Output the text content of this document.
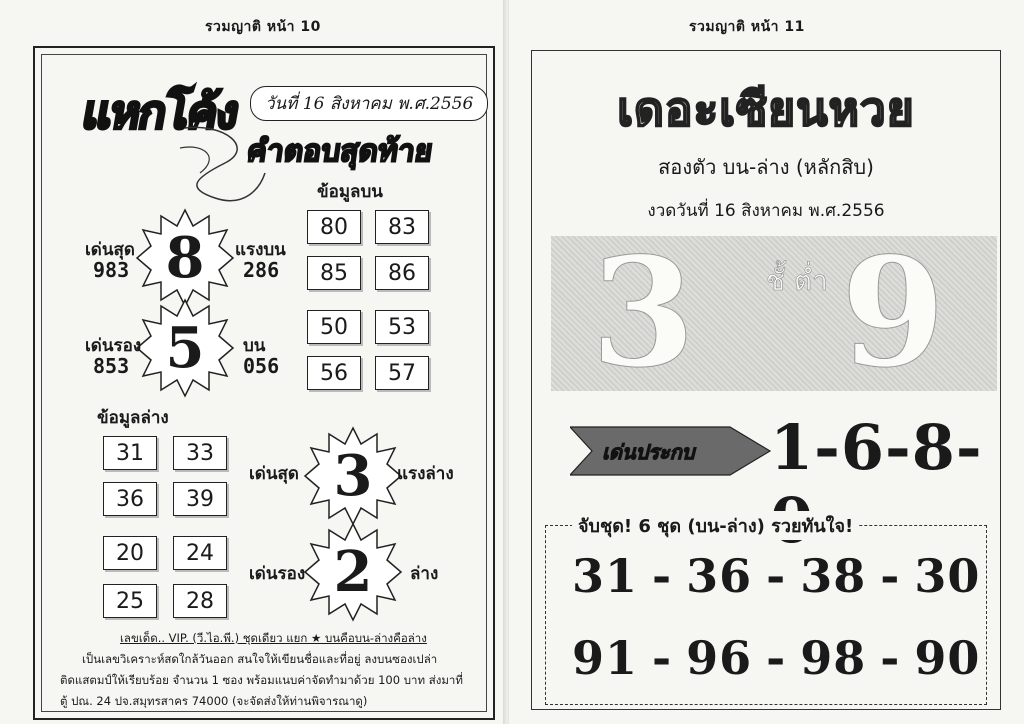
รวมญาติ หน้า 10
แหกโค้ง	วันที่ 16 สิงหาคม พ.ศ.2556
คำตอบสุดท้าย
ข้อมูลบน
8
เด่นสุด
983
แรงบน
286
5
เด่นรอง
853
บน
056
80	83
85	86
50	53
56	57
ข้อมูลล่าง
31	33
36	39
20	24
25	28
3
เด่นสุด	แรงล่าง
2
เด่นรอง	ล่าง

เลขเด็ด.. VIP. (วี.ไอ.พี.) ชุดเดียว แยก ★ บนคือบน-ล่างคือล่าง

เป็นเลขวิเคราะห์สดใกล้วันออก สนใจให้เขียนชื่อและที่อยู่ ลงบนซองเปล่า

ติดแสตมป์ให้เรียบร้อย จำนวน 1 ซอง พร้อมแนบค่าจัดทำมาด้วย 100 บาท ส่งมาที่

ตู้ ปณ. 24 ปจ.สมุทรสาคร 74000 (จะจัดส่งให้ท่านพิจารณาดู)

รวมญาติ หน้า 11
เดอะเซียนหวย
สองตัว บน-ล่าง (หลักสิบ)
งวดวันที่ 16 สิงหาคม พ.ศ.2556
3	ชั้ ต่ำ 9
เด่นประกบ 1-6-8-
จับชุด! 6 ชุด (บน-ล่าง) รวยทันใจ!
31 - 36 - 38 - 30
91 - 96 - 98 - 90
